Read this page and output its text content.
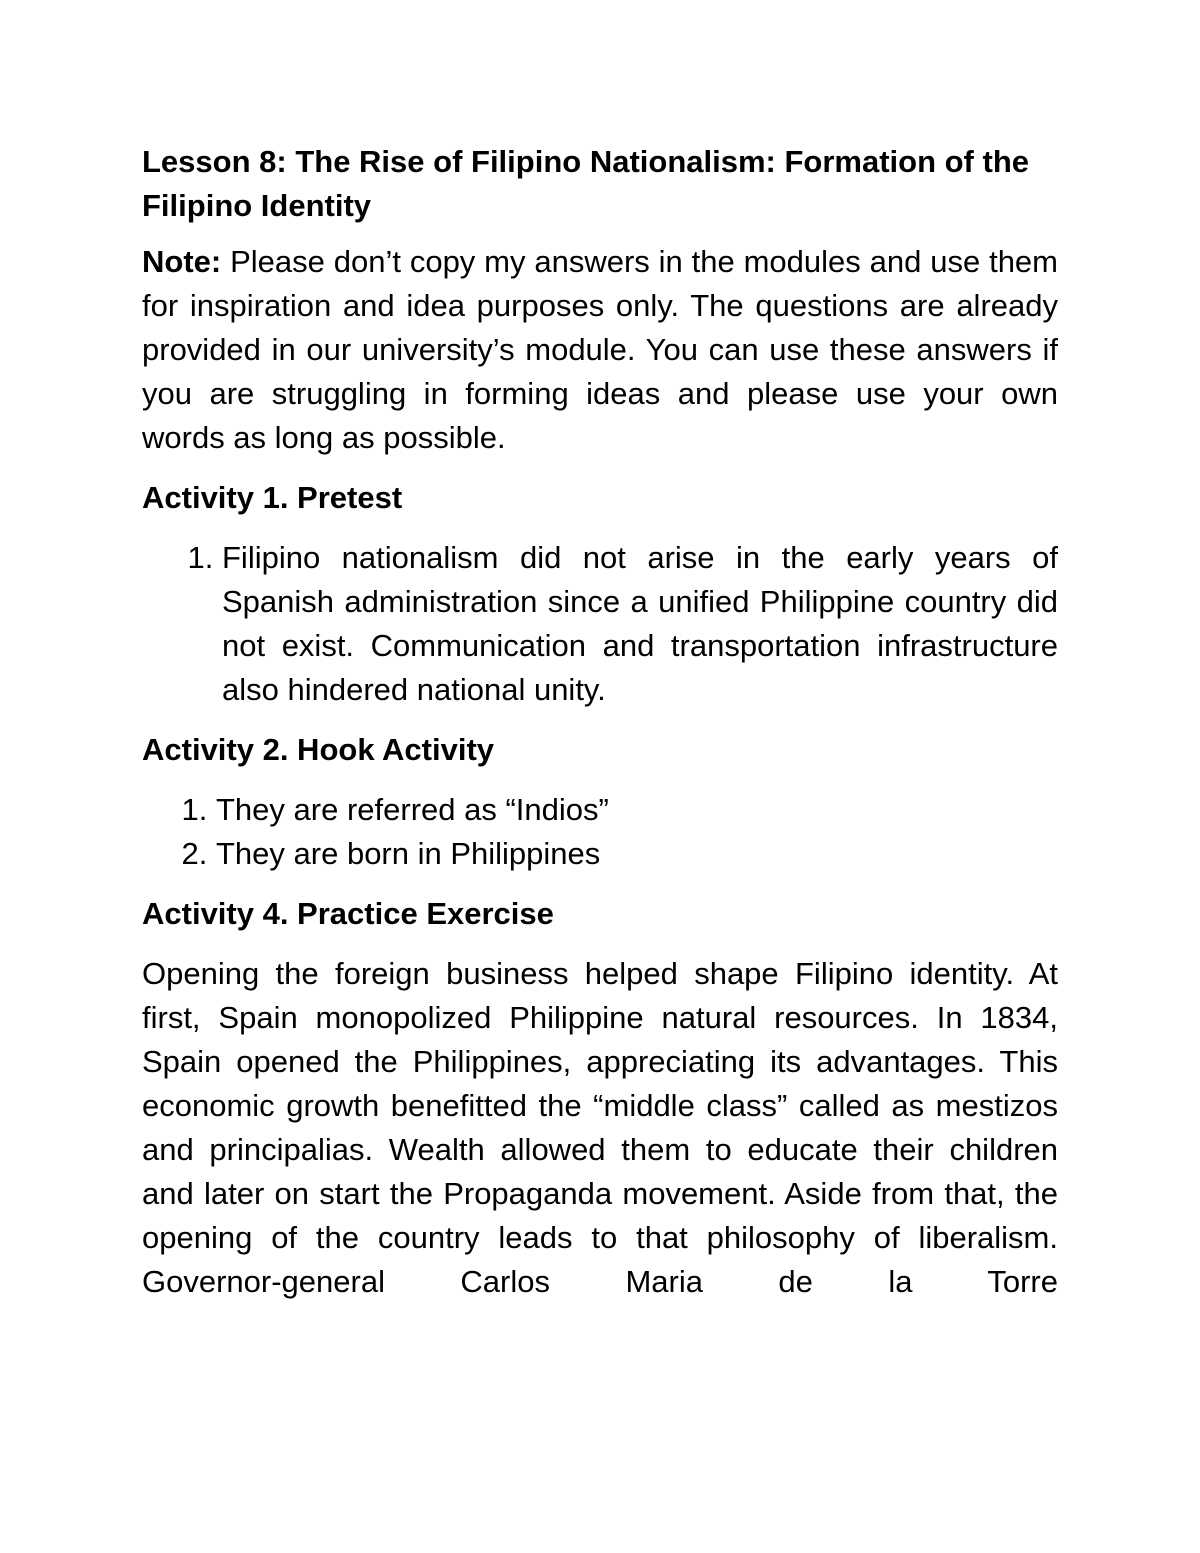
Lesson 8: The Rise of Filipino Nationalism: Formation of the Filipino Identity

Note: Please don’t copy my answers in the modules and use them for inspiration and idea purposes only. The questions are already provided in our university’s module. You can use these answers if you are struggling in forming ideas and please use your own words as long as possible.

Activity 1. Pretest
1. Filipino nationalism did not arise in the early years of Spanish administration since a unified Philippine country did not exist. Communication and transportation infrastructure also hindered national unity.
Activity 2. Hook Activity
1. They are referred as “Indios”
2. They are born in Philippines
Activity 4. Practice Exercise

Opening the foreign business helped shape Filipino identity. At first, Spain monopolized Philippine natural resources. In 1834, Spain opened the Philippines, appreciating its advantages. This economic growth benefitted the “middle class” called as mestizos and principalias. Wealth allowed them to educate their children and later on start the Propaganda movement. Aside from that, the opening of the country leads to that philosophy of liberalism. Governor-general Carlos Maria de la Torre
